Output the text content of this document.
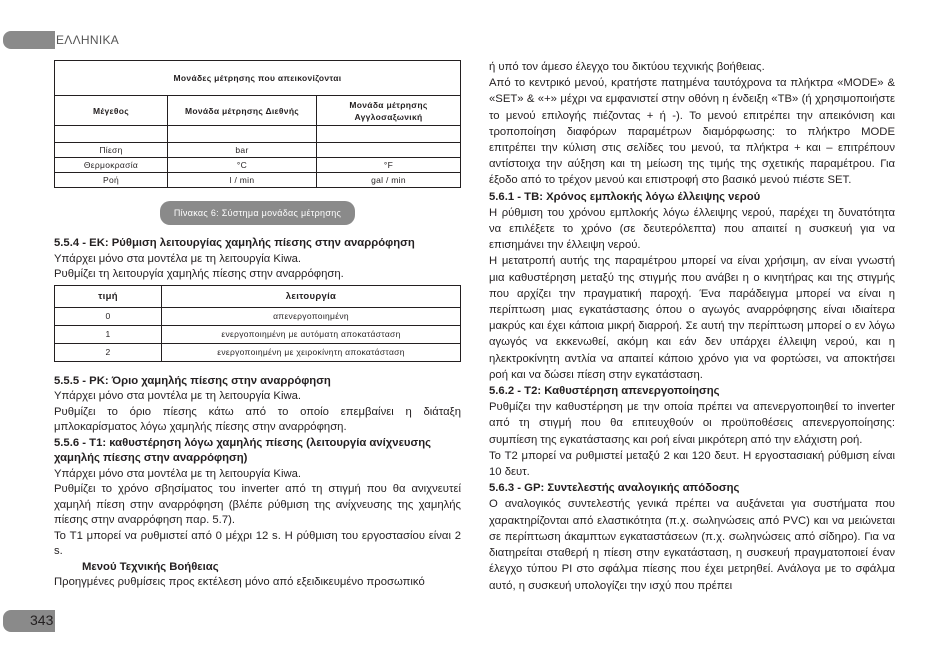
ΕΛΛΗΝΙΚΑ
Μονάδες μέτρησης που απεικονίζονται		
Μέγεθος	Μονάδα μέτρησης Διεθνής	Μονάδα μέτρησης Αγγλοσαξωνική

Πίεση	bar	
Θερμοκρασία	°C	°F
Ροή	l / min	gal / min
Πίνακας 6: Σύστημα μονάδας μέτρησης

5.5.4 - EK: Ρύθμιση λειτουργίας χαμηλής πίεσης στην αναρρόφηση

Υπάρχει μόνο στα μοντέλα με τη λειτουργία Kiwa.

Ρυθμίζει τη λειτουργία χαμηλής πίεσης στην αναρρόφηση.

τιμή	λειτουργία
0	απενεργοποιημένη
1	ενεργοποιημένη με αυτόματη αποκατάσταση
2	ενεργοποιημένη με χειροκίνητη αποκατάσταση

5.5.5 - PK: Όριο χαμηλής πίεσης στην αναρρόφηση

Υπάρχει μόνο στα μοντέλα με τη λειτουργία Kiwa.

Ρυθμίζει το όριο πίεσης κάτω από το οποίο επεμβαίνει η διάταξη μπλοκαρίσματος λόγω χαμηλής πίεσης στην αναρρόφηση.

5.5.6 - T1: καθυστέρηση λόγω χαμηλής πίεσης (λειτουργία ανίχνευσης χαμηλής πίεσης στην αναρρόφηση)

Υπάρχει μόνο στα μοντέλα με τη λειτουργία Kiwa.

Ρυθμίζει το χρόνο σβησίματος του inverter από τη στιγμή που θα ανιχνευτεί χαμηλή πίεση στην αναρρόφηση (βλέπε ρύθμιση της ανίχνευσης της χαμηλής πίεσης στην αναρρόφηση παρ. 5.7).

Το T1 μπορεί να ρυθμιστεί από 0 μέχρι 12 s. Η ρύθμιση του εργοστασίου είναι 2 s.

Μενού Τεχνικής Βοήθειας

Προηγμένες ρυθμίσεις προς εκτέλεση μόνο από εξειδικευμένο προσωπικό

ή υπό τον άμεσο έλεγχο του δικτύου τεχνικής βοήθειας.

Από το κεντρικό μενού, κρατήστε πατημένα ταυτόχρονα τα πλήκτρα «MODE» & «SET» & «+» μέχρι να εμφανιστεί στην οθόνη η ένδειξη «TB» (ή χρησιμοποιήστε το μενού επιλογής πιέζοντας + ή -). Το μενού επιτρέπει την απεικόνιση και τροποποίηση διαφόρων παραμέτρων διαμόρφωσης: το πλήκτρο MODE επιτρέπει την κύλιση στις σελίδες του μενού, τα πλήκτρα + και – επιτρέπουν αντίστοιχα την αύξηση και τη μείωση της τιμής της σχετικής παραμέτρου. Για έξοδο από το τρέχον μενού και επιστροφή στο βασικό μενού πιέστε SET.

5.6.1 - TB: Χρόνος εμπλοκής λόγω έλλειψης νερού

Η ρύθμιση του χρόνου εμπλοκής λόγω έλλειψης νερού, παρέχει τη δυνατότητα να επιλέξετε το χρόνο (σε δευτερόλεπτα) που απαιτεί η συσκευή για να επισημάνει την έλλειψη νερού.

Η μετατροπή αυτής της παραμέτρου μπορεί να είναι χρήσιμη, αν είναι γνωστή μια καθυστέρηση μεταξύ της στιγμής που ανάβει η ο κινητήρας και της στιγμής που αρχίζει την πραγματική παροχή. Ένα παράδειγμα μπορεί να είναι η περίπτωση μιας εγκατάστασης όπου ο αγωγός αναρρόφησης είναι ιδιαίτερα μακρύς και έχει κάποια μικρή διαρροή. Σε αυτή την περίπτωση μπορεί ο εν λόγω αγωγός να εκκενωθεί, ακόμη και εάν δεν υπάρχει έλλειψη νερού, και η ηλεκτροκίνητη αντλία να απαιτεί κάποιο χρόνο για να φορτώσει, να αποκτήσει ροή και να δώσει πίεση στην εγκατάσταση.

5.6.2 - T2: Καθυστέρηση απενεργοποίησης

Ρυθμίζει την καθυστέρηση με την οποία πρέπει να απενεργοποιηθεί το inverter από τη στιγμή που θα επιτευχθούν οι προϋποθέσεις απενεργοποίησης: συμπίεση της εγκατάστασης και ροή είναι μικρότερη από την ελάχιστη ροή.

Το T2 μπορεί να ρυθμιστεί μεταξύ 2 και 120 δευτ. Η εργοστασιακή ρύθμιση είναι 10 δευτ.

5.6.3 - GP: Συντελεστής αναλογικής απόδοσης

Ο αναλογικός συντελεστής γενικά πρέπει να αυξάνεται για συστήματα που χαρακτηρίζονται από ελαστικότητα (π.χ. σωληνώσεις από PVC) και να μειώνεται σε περίπτωση άκαμπτων εγκαταστάσεων (π.χ. σωληνώσεις από σίδηρο). Για να διατηρείται σταθερή η πίεση στην εγκατάσταση, η συσκευή πραγματοποιεί έναν έλεγχο τύπου PI στο σφάλμα πίεσης που έχει μετρηθεί. Ανάλογα με το σφάλμα αυτό, η συσκευή υπολογίζει την ισχύ που πρέπει

343
